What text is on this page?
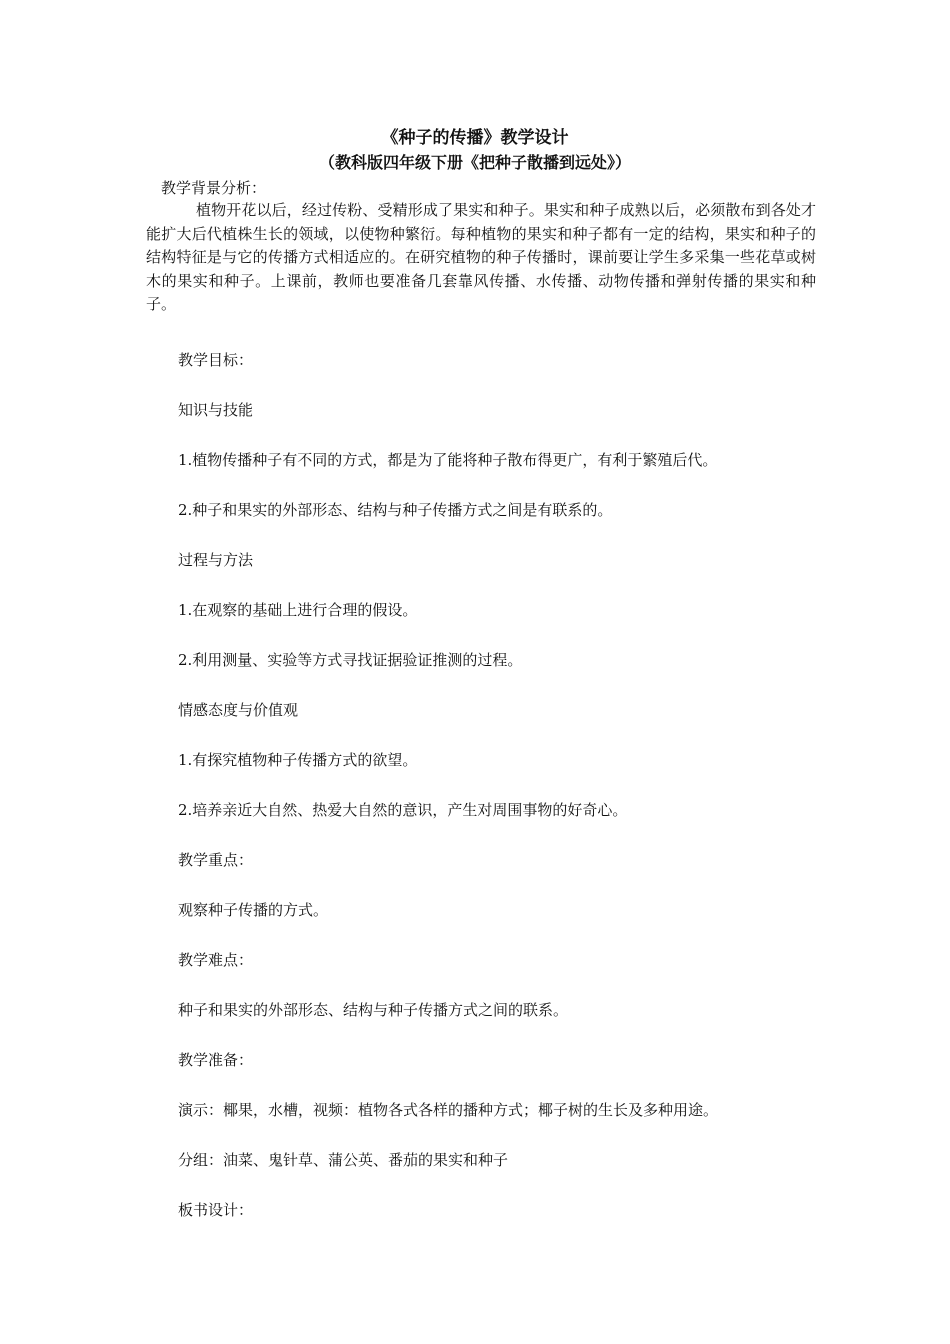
《种子的传播》教学设计
（教科版四年级下册《把种子散播到远处》）
教学背景分析：
植物开花以后，经过传粉、受精形成了果实和种子。果实和种子成熟以后，必须散布到各处才能扩大后代植株生长的领域，以使物种繁衍。每种植物的果实和种子都有一定的结构，果实和种子的结构特征是与它的传播方式相适应的。在研究植物的种子传播时，课前要让学生多采集一些花草或树木的果实和种子。上课前，教师也要准备几套靠风传播、水传播、动物传播和弹射传播的果实和种子。
教学目标：
知识与技能
1.植物传播种子有不同的方式，都是为了能将种子散布得更广，有利于繁殖后代。
2.种子和果实的外部形态、结构与种子传播方式之间是有联系的。
过程与方法
1.在观察的基础上进行合理的假设。
2.利用测量、实验等方式寻找证据验证推测的过程。
情感态度与价值观
1.有探究植物种子传播方式的欲望。
2.培养亲近大自然、热爱大自然的意识，产生对周围事物的好奇心。
教学重点：
观察种子传播的方式。
教学难点：
种子和果实的外部形态、结构与种子传播方式之间的联系。
教学准备：
演示：椰果，水槽，视频：植物各式各样的播种方式；椰子树的生长及多种用途。
分组：油菜、鬼针草、蒲公英、番茄的果实和种子
板书设计：
